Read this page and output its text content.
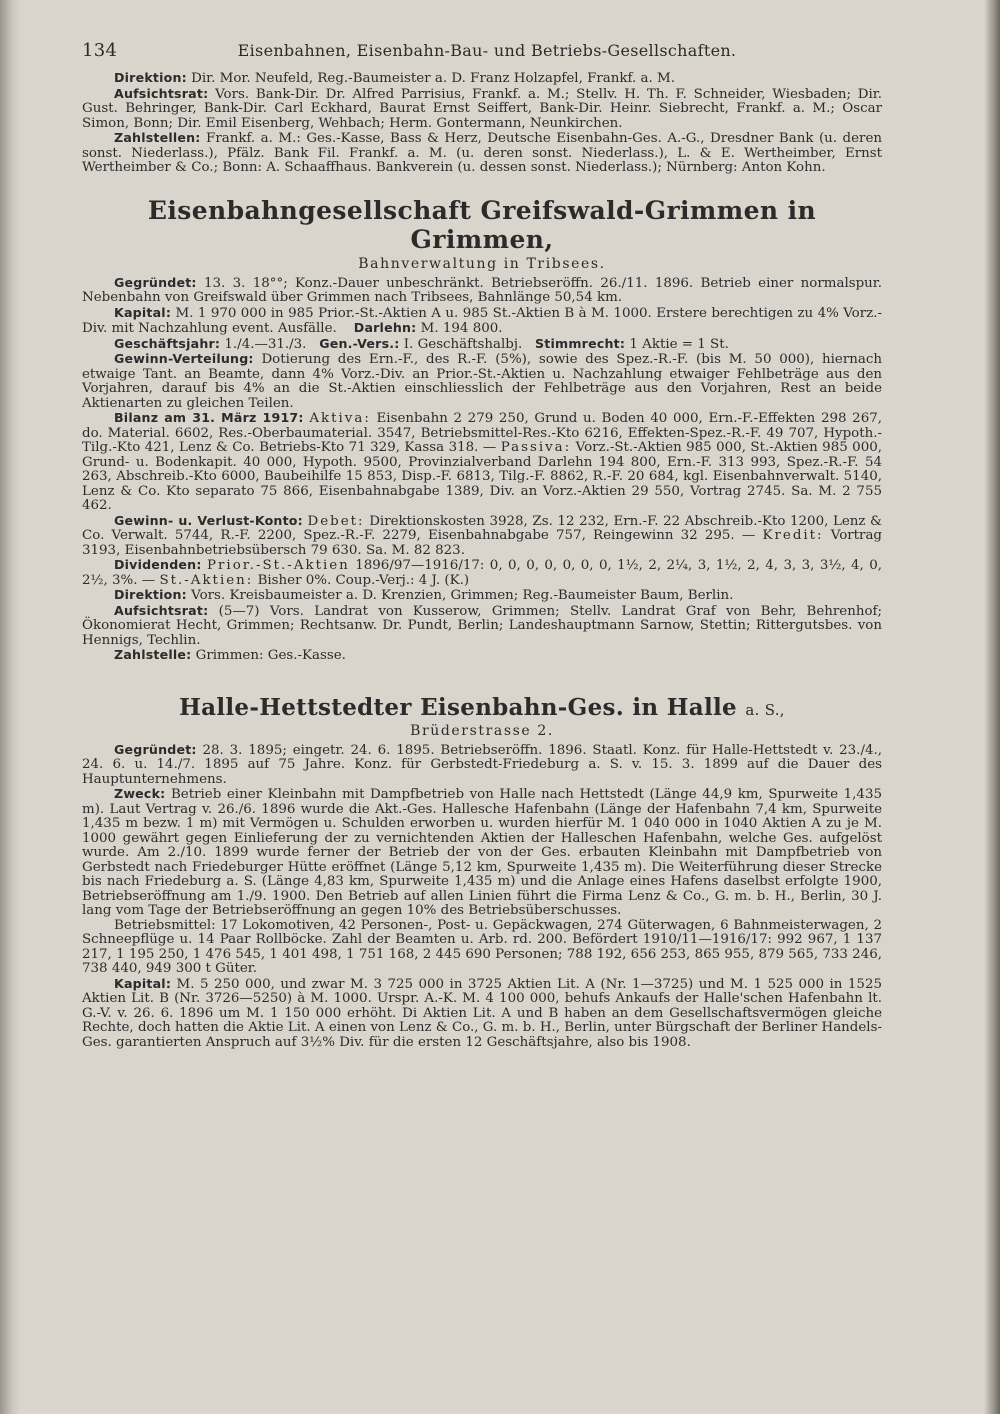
134	Eisenbahnen, Eisenbahn-Bau- und Betriebs-Gesellschaften.

Direktion: Dir. Mor. Neufeld, Reg.-Baumeister a. D. Franz Holzapfel, Frankf. a. M.

Aufsichtsrat: Vors. Bank-Dir. Dr. Alfred Parrisius, Frankf. a. M.; Stellv. H. Th. F. Schneider, Wiesbaden; Dir. Gust. Behringer, Bank-Dir. Carl Eckhard, Baurat Ernst Seiffert, Bank-Dir. Heinr. Siebrecht, Frankf. a. M.; Oscar Simon, Bonn; Dir. Emil Eisenberg, Wehbach; Herm. Gontermann, Neunkirchen.

Zahlstellen: Frankf. a. M.: Ges.-Kasse, Bass & Herz, Deutsche Eisenbahn-Ges. A.-G., Dresdner Bank (u. deren sonst. Niederlass.), Pfälz. Bank Fil. Frankf. a. M. (u. deren sonst. Niederlass.), L. & E. Wertheimber, Ernst Wertheimber & Co.; Bonn: A. Schaaffhaus. Bankverein (u. dessen sonst. Niederlass.); Nürnberg: Anton Kohn.

Eisenbahngesellschaft Greifswald-Grimmen in Grimmen,
Bahnverwaltung in Tribsees.

Gegründet: 13. 3. 18°°; Konz.-Dauer unbeschränkt. Betriebseröffn. 26./11. 1896. Betrieb einer normalspur. Nebenbahn von Greifswald über Grimmen nach Tribsees, Bahnlänge 50,54 km.

Kapital: M. 1 970 000 in 985 Prior.-St.-Aktien A u. 985 St.-Aktien B à M. 1000. Erstere berechtigen zu 4% Vorz.-Div. mit Nachzahlung event. Ausfälle. Darlehn: M. 194 800.

Geschäftsjahr: 1./4.—31./3. Gen.-Vers.: I. Geschäftshalbj. Stimmrecht: 1 Aktie = 1 St.

Gewinn-Verteilung: Dotierung des Ern.-F., des R.-F. (5%), sowie des Spez.-R.-F. (bis M. 50 000), hiernach etwaige Tant. an Beamte, dann 4% Vorz.-Div. an Prior.-St.-Aktien u. Nachzahlung etwaiger Fehlbeträge aus den Vorjahren, darauf bis 4% an die St.-Aktien einschliesslich der Fehlbeträge aus den Vorjahren, Rest an beide Aktienarten zu gleichen Teilen.

Bilanz am 31. März 1917: Aktiva: Eisenbahn 2 279 250, Grund u. Boden 40 000, Ern.-F.-Effekten 298 267, do. Material. 6602, Res.-Oberbaumaterial. 3547, Betriebsmittel-Res.-Kto 6216, Effekten-Spez.-R.-F. 49 707, Hypoth.-Tilg.-Kto 421, Lenz & Co. Betriebs-Kto 71 329, Kassa 318. — Passiva: Vorz.-St.-Aktien 985 000, St.-Aktien 985 000, Grund- u. Bodenkapit. 40 000, Hypoth. 9500, Provinzialverband Darlehn 194 800, Ern.-F. 313 993, Spez.-R.-F. 54 263, Abschreib.-Kto 6000, Baubeihilfe 15 853, Disp.-F. 6813, Tilg.-F. 8862, R.-F. 20 684, kgl. Eisenbahnverwalt. 5140, Lenz & Co. Kto separato 75 866, Eisenbahnabgabe 1389, Div. an Vorz.-Aktien 29 550, Vortrag 2745. Sa. M. 2 755 462.

Gewinn- u. Verlust-Konto: Debet: Direktionskosten 3928, Zs. 12 232, Ern.-F. 22 Abschreib.-Kto 1200, Lenz & Co. Verwalt. 5744, R.-F. 2200, Spez.-R.-F. 2279, Eisenbahnabgabe 757, Reingewinn 32 295. — Kredit: Vortrag 3193, Eisenbahnbetriebsübersch 79 630. Sa. M. 82 823.

Dividenden: Prior.-St.-Aktien 1896/97—1916/17: 0, 0, 0, 0, 0, 0, 0, 1½, 2, 2¼, 3, 1½, 2, 4, 3, 3, 3½, 4, 0, 2½, 3%. — St.-Aktien: Bisher 0%. Coup.-Verj.: 4 J. (K.)

Direktion: Vors. Kreisbaumeister a. D. Krenzien, Grimmen; Reg.-Baumeister Baum, Berlin.

Aufsichtsrat: (5—7) Vors. Landrat von Kusserow, Grimmen; Stellv. Landrat Graf von Behr, Behrenhof; Ökonomierat Hecht, Grimmen; Rechtsanw. Dr. Pundt, Berlin; Landeshauptmann Sarnow, Stettin; Rittergutsbes. von Hennigs, Techlin.

Zahlstelle: Grimmen: Ges.-Kasse.

Halle-Hettstedter Eisenbahn-Ges. in Halle a. S.,
Brüderstrasse 2.

Gegründet: 28. 3. 1895; eingetr. 24. 6. 1895. Betriebseröffn. 1896. Staatl. Konz. für Halle-Hettstedt v. 23./4., 24. 6. u. 14./7. 1895 auf 75 Jahre. Konz. für Gerbstedt-Friedeburg a. S. v. 15. 3. 1899 auf die Dauer des Hauptunternehmens.

Zweck: Betrieb einer Kleinbahn mit Dampfbetrieb von Halle nach Hettstedt (Länge 44,9 km, Spurweite 1,435 m). Laut Vertrag v. 26./6. 1896 wurde die Akt.-Ges. Hallesche Hafenbahn (Länge der Hafenbahn 7,4 km, Spurweite 1,435 m bezw. 1 m) mit Vermögen u. Schulden erworben u. wurden hierfür M. 1 040 000 in 1040 Aktien A zu je M. 1000 gewährt gegen Einlieferung der zu vernichtenden Aktien der Halleschen Hafenbahn, welche Ges. aufgelöst wurde. Am 2./10. 1899 wurde ferner der Betrieb der von der Ges. erbauten Kleinbahn mit Dampfbetrieb von Gerbstedt nach Friedeburger Hütte eröffnet (Länge 5,12 km, Spurweite 1,435 m). Die Weiterführung dieser Strecke bis nach Friedeburg a. S. (Länge 4,83 km, Spurweite 1,435 m) und die Anlage eines Hafens daselbst erfolgte 1900, Betriebseröffnung am 1./9. 1900. Den Betrieb auf allen Linien führt die Firma Lenz & Co., G. m. b. H., Berlin, 30 J. lang vom Tage der Betriebseröffnung an gegen 10% des Betriebsüberschusses.

Betriebsmittel: 17 Lokomotiven, 42 Personen-, Post- u. Gepäckwagen, 274 Güterwagen, 6 Bahnmeisterwagen, 2 Schneepflüge u. 14 Paar Rollböcke. Zahl der Beamten u. Arb. rd. 200. Befördert 1910/11—1916/17: 992 967, 1 137 217, 1 195 250, 1 476 545, 1 401 498, 1 751 168, 2 445 690 Personen; 788 192, 656 253, 865 955, 879 565, 733 246, 738 440, 949 300 t Güter.

Kapital: M. 5 250 000, und zwar M. 3 725 000 in 3725 Aktien Lit. A (Nr. 1—3725) und M. 1 525 000 in 1525 Aktien Lit. B (Nr. 3726—5250) à M. 1000. Urspr. A.-K. M. 4 100 000, behufs Ankaufs der Halle'schen Hafenbahn lt. G.-V. v. 26. 6. 1896 um M. 1 150 000 erhöht. Di Aktien Lit. A und B haben an dem Gesellschaftsvermögen gleiche Rechte, doch hatten die Aktie Lit. A einen von Lenz & Co., G. m. b. H., Berlin, unter Bürgschaft der Berliner Handels-Ges. garantierten Anspruch auf 3½% Div. für die ersten 12 Geschäftsjahre, also bis 1908.
